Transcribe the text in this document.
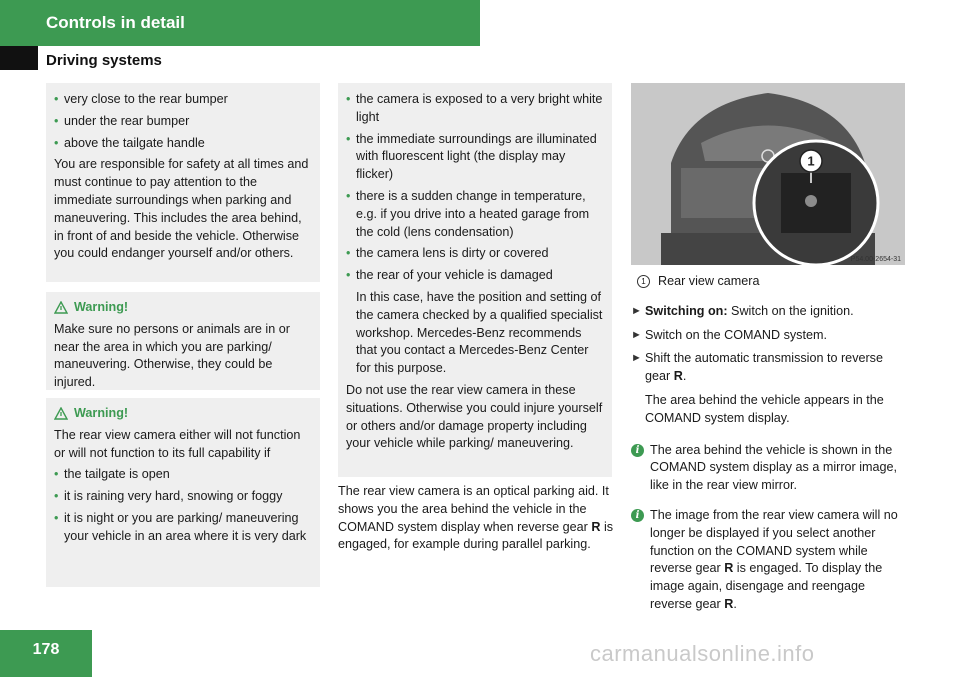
Controls in detail
Driving systems
• very close to the rear bumper
• under the rear bumper
• above the tailgate handle

You are responsible for safety at all times and must continue to pay attention to the immediate surroundings when parking and maneuvering. This includes the area behind, in front of and beside the vehicle. Otherwise you could endanger yourself and/or others.

Warning!

Make sure no persons or animals are in or near the area in which you are parking/ maneuvering. Otherwise, they could be injured.

Warning!

The rear view camera either will not function or will not function to its full capability if

• the tailgate is open
• it is raining very hard, snowing or foggy
• it is night or you are parking/ maneuvering your vehicle in an area where it is very dark
• the camera is exposed to a very bright white light
• the immediate surroundings are illuminated with fluorescent light (the display may flicker)
• there is a sudden change in temperature, e.g. if you drive into a heated garage from the cold (lens condensation)
• the camera lens is dirty or covered
• the rear of your vehicle is damaged

In this case, have the position and setting of the camera checked by a qualified specialist workshop. Mercedes-Benz recommends that you contact a Mercedes-Benz Center for this purpose.

Do not use the rear view camera in these situations. Otherwise you could injure yourself or others and/or damage property including your vehicle while parking/ maneuvering.

The rear view camera is an optical parking aid. It shows you the area behind the vehicle in the COMAND system display when reverse gear R is engaged, for example during parallel parking.

1
P54.00-2654-31
1 Rear view camera
► Switching on: Switch on the ignition.
► Switch on the COMAND system.
► Shift the automatic transmission to reverse gear R.

The area behind the vehicle appears in the COMAND system display.

i The area behind the vehicle is shown in the COMAND system display as a mirror image, like in the rear view mirror.
i The image from the rear view camera will no longer be displayed if you select another function on the COMAND system while reverse gear R is engaged. To display the image again, disengage and reengage reverse gear R.
178	carmanualsonline.info
